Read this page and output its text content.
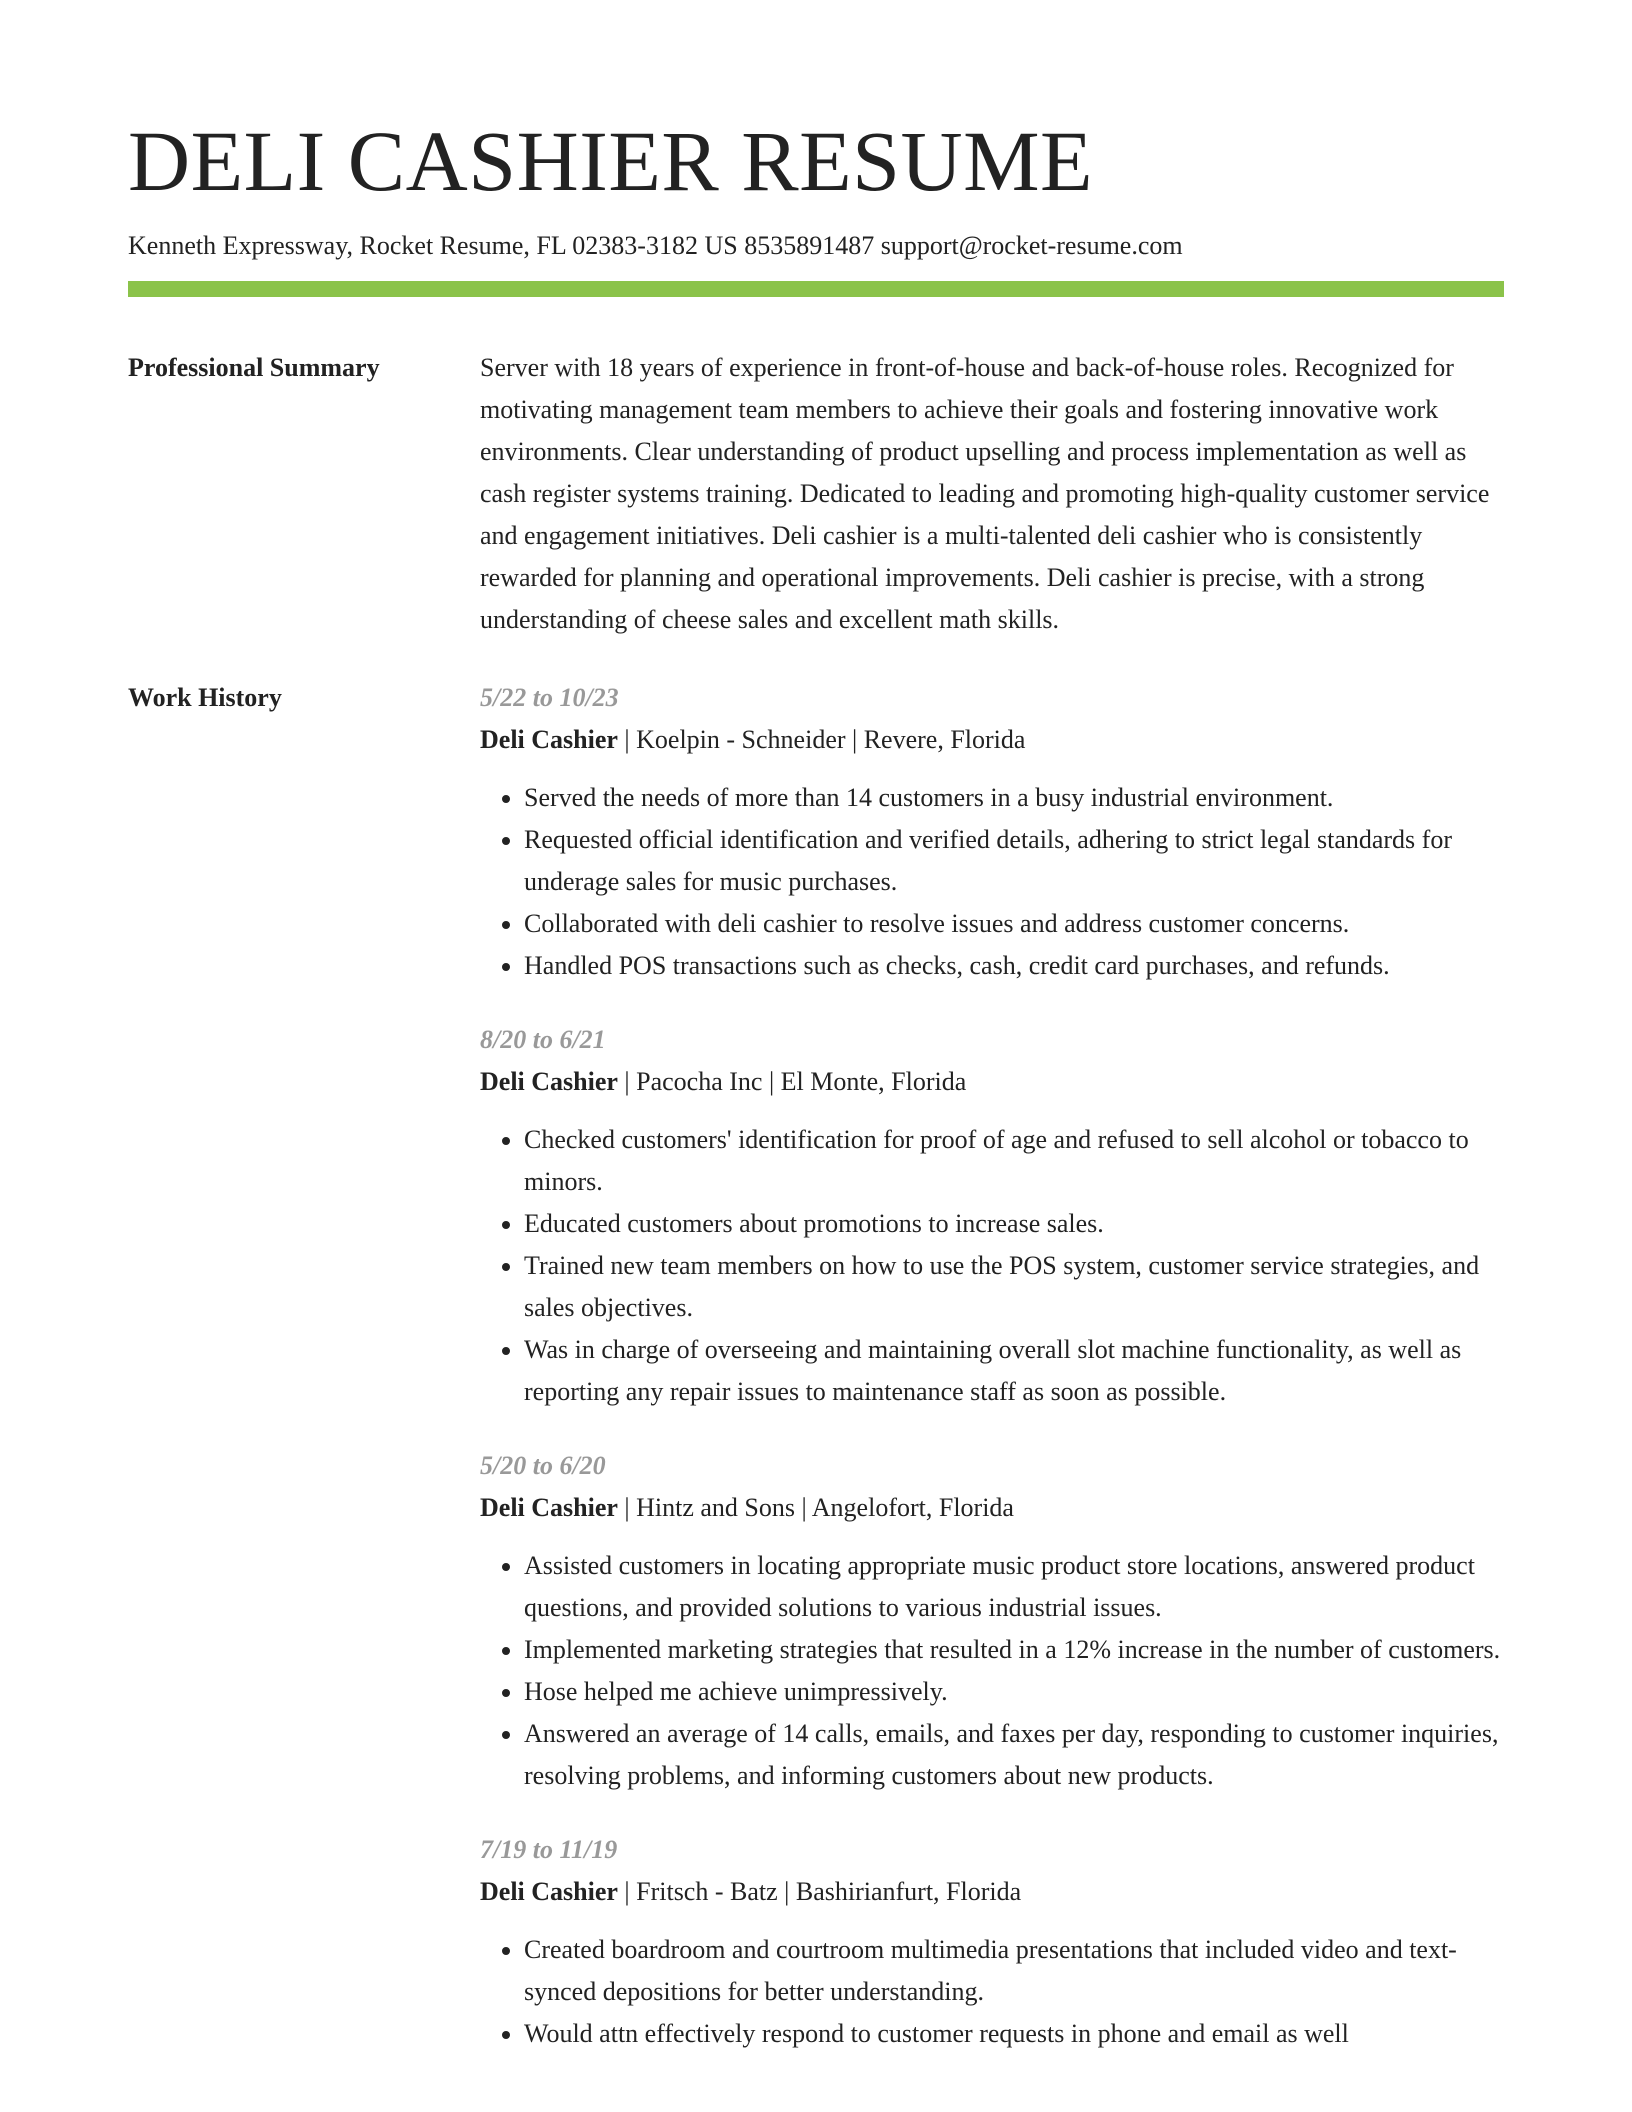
DELI CASHIER RESUME
Kenneth Expressway, Rocket Resume, FL 02383-3182 US 8535891487 support@rocket-resume.com
Professional Summary	Server with 18 years of experience in front-of-house and back-of-house roles. Recognized for motivating management team members to achieve their goals and fostering innovative work environments. Clear understanding of product upselling and process implementation as well as cash register systems training. Dedicated to leading and promoting high-quality customer service and engagement initiatives. Deli cashier is a multi-talented deli cashier who is consistently rewarded for planning and operational improvements. Deli cashier is precise, with a strong understanding of cheese sales and excellent math skills.

Work History	5/22 to 10/23
Deli Cashier | Koelpin - Schneider | Revere, Florida
• Served the needs of more than 14 customers in a busy industrial environment.
• Requested official identification and verified details, adhering to strict legal standards for underage sales for music purchases.
• Collaborated with deli cashier to resolve issues and address customer concerns.
• Handled POS transactions such as checks, cash, credit card purchases, and refunds.
8/20 to 6/21
Deli Cashier | Pacocha Inc | El Monte, Florida
• Checked customers' identification for proof of age and refused to sell alcohol or tobacco to minors.
• Educated customers about promotions to increase sales.
• Trained new team members on how to use the POS system, customer service strategies, and sales objectives.
• Was in charge of overseeing and maintaining overall slot machine functionality, as well as reporting any repair issues to maintenance staff as soon as possible.
5/20 to 6/20
Deli Cashier | Hintz and Sons | Angelofort, Florida
• Assisted customers in locating appropriate music product store locations, answered product questions, and provided solutions to various industrial issues.
• Implemented marketing strategies that resulted in a 12% increase in the number of customers.
• Hose helped me achieve unimpressively.
• Answered an average of 14 calls, emails, and faxes per day, responding to customer inquiries, resolving problems, and informing customers about new products.
7/19 to 11/19
Deli Cashier | Fritsch - Batz | Bashirianfurt, Florida
• Created boardroom and courtroom multimedia presentations that included video and text-synced depositions for better understanding.
• Would attn effectively respond to customer requests in phone and email as well
